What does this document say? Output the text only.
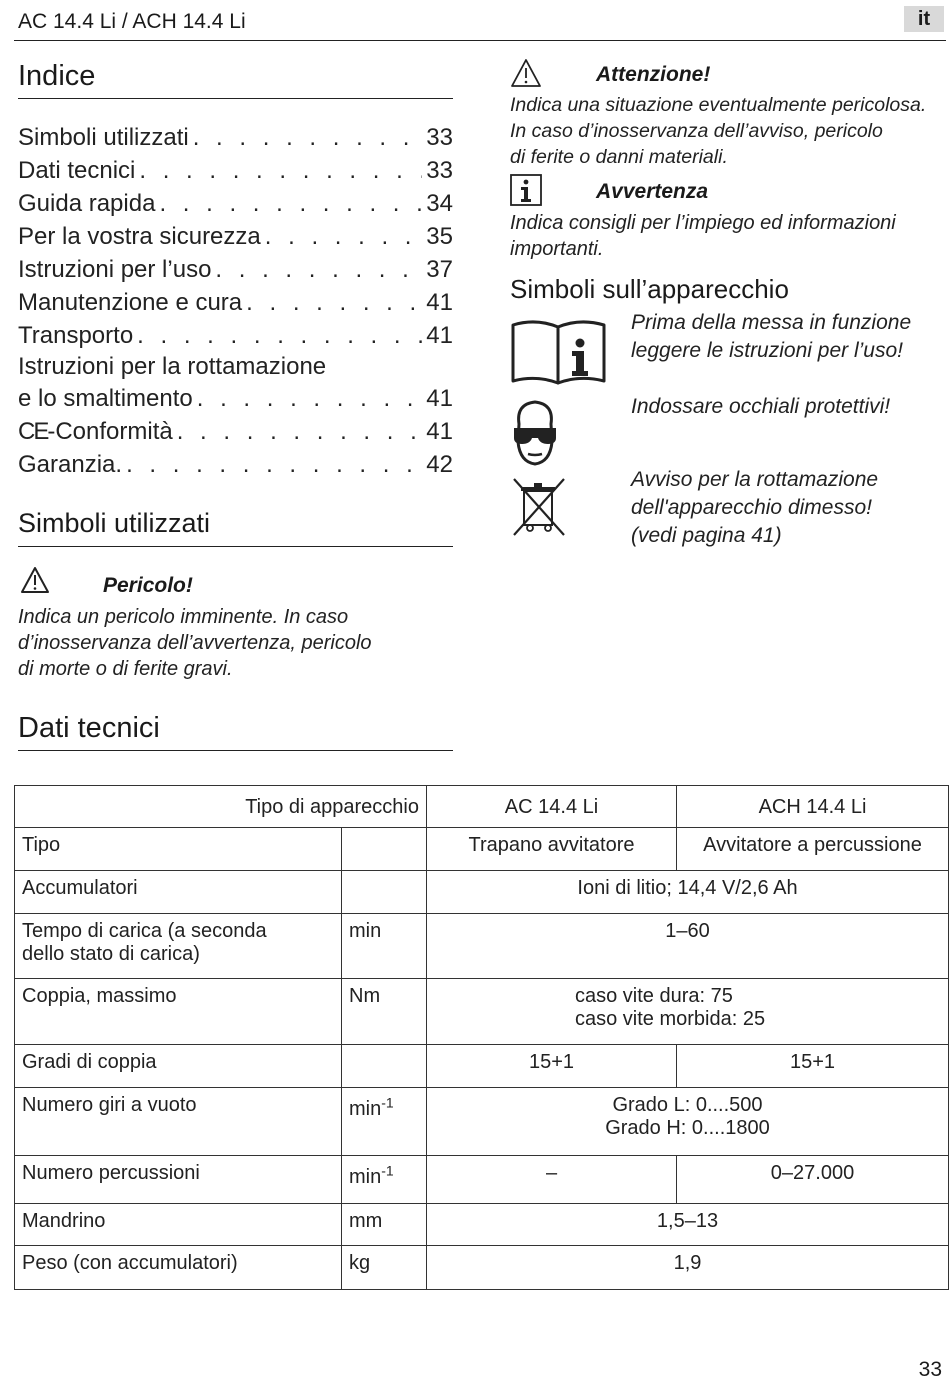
AC 14.4 Li / ACH 14.4 Li	it
Indice
Simboli utilizzati . . .	33
Dati tecnici . . .	33
Guida rapida . . .	34
Per la vostra sicurezza . . .	35
Istruzioni per l’uso . . .	37
Manutenzione e cura . . .	41
Transporto . . .	41
Istruzioni per la rottamazione
e lo smaltimento . . .	41
CE-Conformità . . .	41
Garanzia. . . .	42
Simboli utilizzati
Pericolo!
Indica un pericolo imminente. In caso
d’inosservanza dell’avvertenza, pericolo
di morte o di ferite gravi.
Dati tecnici
Attenzione!
Indica una situazione eventualmente pericolosa.
In caso d’inosservanza dell’avviso, pericolo
di ferite o danni materiali.
Avvertenza
Indica consigli per l’impiego ed informazioni
importanti.
Simboli sull’apparecchio
Prima della messa in funzione
leggere le istruzioni per l’uso!
Indossare occhiali protettivi!
Avviso per la rottamazione
dell'apparecchio dimesso!
(vedi pagina 41)
Tipo di apparecchio		AC 14.4 Li	ACH 14.4 Li
Tipo		Trapano avvitatore	Avvitatore a percussione
Accumulatori		Ioni di litio; 14,4 V/2,6 Ah	

Tempo di carica (a seconda
dello stato di carica)	min	1–60	
Coppia, massimo	Nm	caso vite dura: 75
caso vite morbida: 25	

Gradi di coppia		15+1	15+1
Numero giri a vuoto	$\min^{-1}$	Grado L: 0....500
Grado H: 0....1800	

Numero percussioni	$\min^{-1}$	–	0–27.000
Mandrino	mm	1,5–13	
Peso (con accumulatori)	kg	1,9	
33
